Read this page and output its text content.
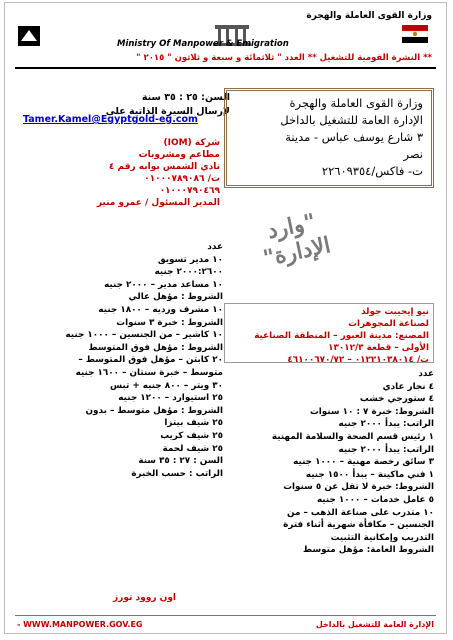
وزارة القوى العاملة والهجرة
Ministry Of Manpower & Emigration
** النشرة القومية للتشغيل ** العدد " ثلاثمائة و سبعة و ثلاثون " ٢٠١٥ "
السن: ٢٥ : ٣٥ سنة
لإرسال السيرة الذاتية على
Tamer.Kamel@Egyptgold-eg.com
شركة (IOM)
مطاعم ومشروبات
نادي الشمس بوابه رقم ٤
ت/ ٠١٠٠٠٧٨٩٠٨٦
٠١٠٠٠٧٩٠٤٦٩
المدير المسئول / عمرو منير
وزارة القوى العاملة والهجرة
الإدارة العامة للتشغيل بالداخل
٣ شارع يوسف عباس - مدينة
نصر
ت- فاكس/٢٢٦٠٩٣٥٤
"وارد الإدارة"
عدد
١٠ مدير تسويق
٢٠٠٠:٢٦٠٠ جنيه
١٠ مساعد مدير – ٢٠٠٠ جنيه
الشروط : مؤهل عالي
١٠ مشرف ورديه – ١٨٠٠ جنيه
الشروط : خبرة ٣ سنوات
١٠ كاشير – من الجنسين – ١٠٠٠ جنيه
الشروط : مؤهل فوق المتوسط
٢٠ كابتن – مؤهل فوق المتوسط –
متوسط – خبرة سنتان – ١٦٠٠ جنيه
٣٠ ويتر – ٨٠٠ جنيه + تبس
٢٥ استيوارد – ١٢٠٠ جنيه
الشروط : مؤهل متوسط – بدون
٢٥ شيف بيتزا
٢٥ شيف كريب
٢٥ شيف لحمة
السن : ٢٧ : ٣٥ سنة
الراتب : حسب الخبرة
نيو إيجيبت جولد
لصناعة المجوهرات
المصنع: مدينة العبور – المنطقة الصناعية
الأولى – قطعة ١٣٠١٢/٣
ت/ ٠١٢٢١٠٣٨٠١٤ – ٤٦١٠٠٦٧٠/٧٢
عدد
٤ نجار عادي
٤ ستورجي خشب
الشروط: خبرة ٧ : ١٠ سنوات
الراتب: يبدأ ٢٠٠٠ جنيه
١ رئيس قسم الصحة والسلامة المهنية
الراتب: يبدأ ٢٠٠٠ جنيه
٣ سائق رخصة مهنية – ١٠٠٠ جنيه
١ فني ماكينة – يبدأ ١٥٠٠ جنيه
الشروط: خبرة لا تقل عن ٥ سنوات
٥ عامل خدمات – ١٠٠٠ جنيه
١٠ متدرب على صناعة الذهب – من
الجنسين – مكافأة شهرية أثناء فترة
التدريب وإمكانية التثبيت
الشروط العامة: مؤهل متوسط
اون روود تورز
- WWW.MANPOWER.GOV.EG	الإدارة العامة للتشغيل بالداخل
